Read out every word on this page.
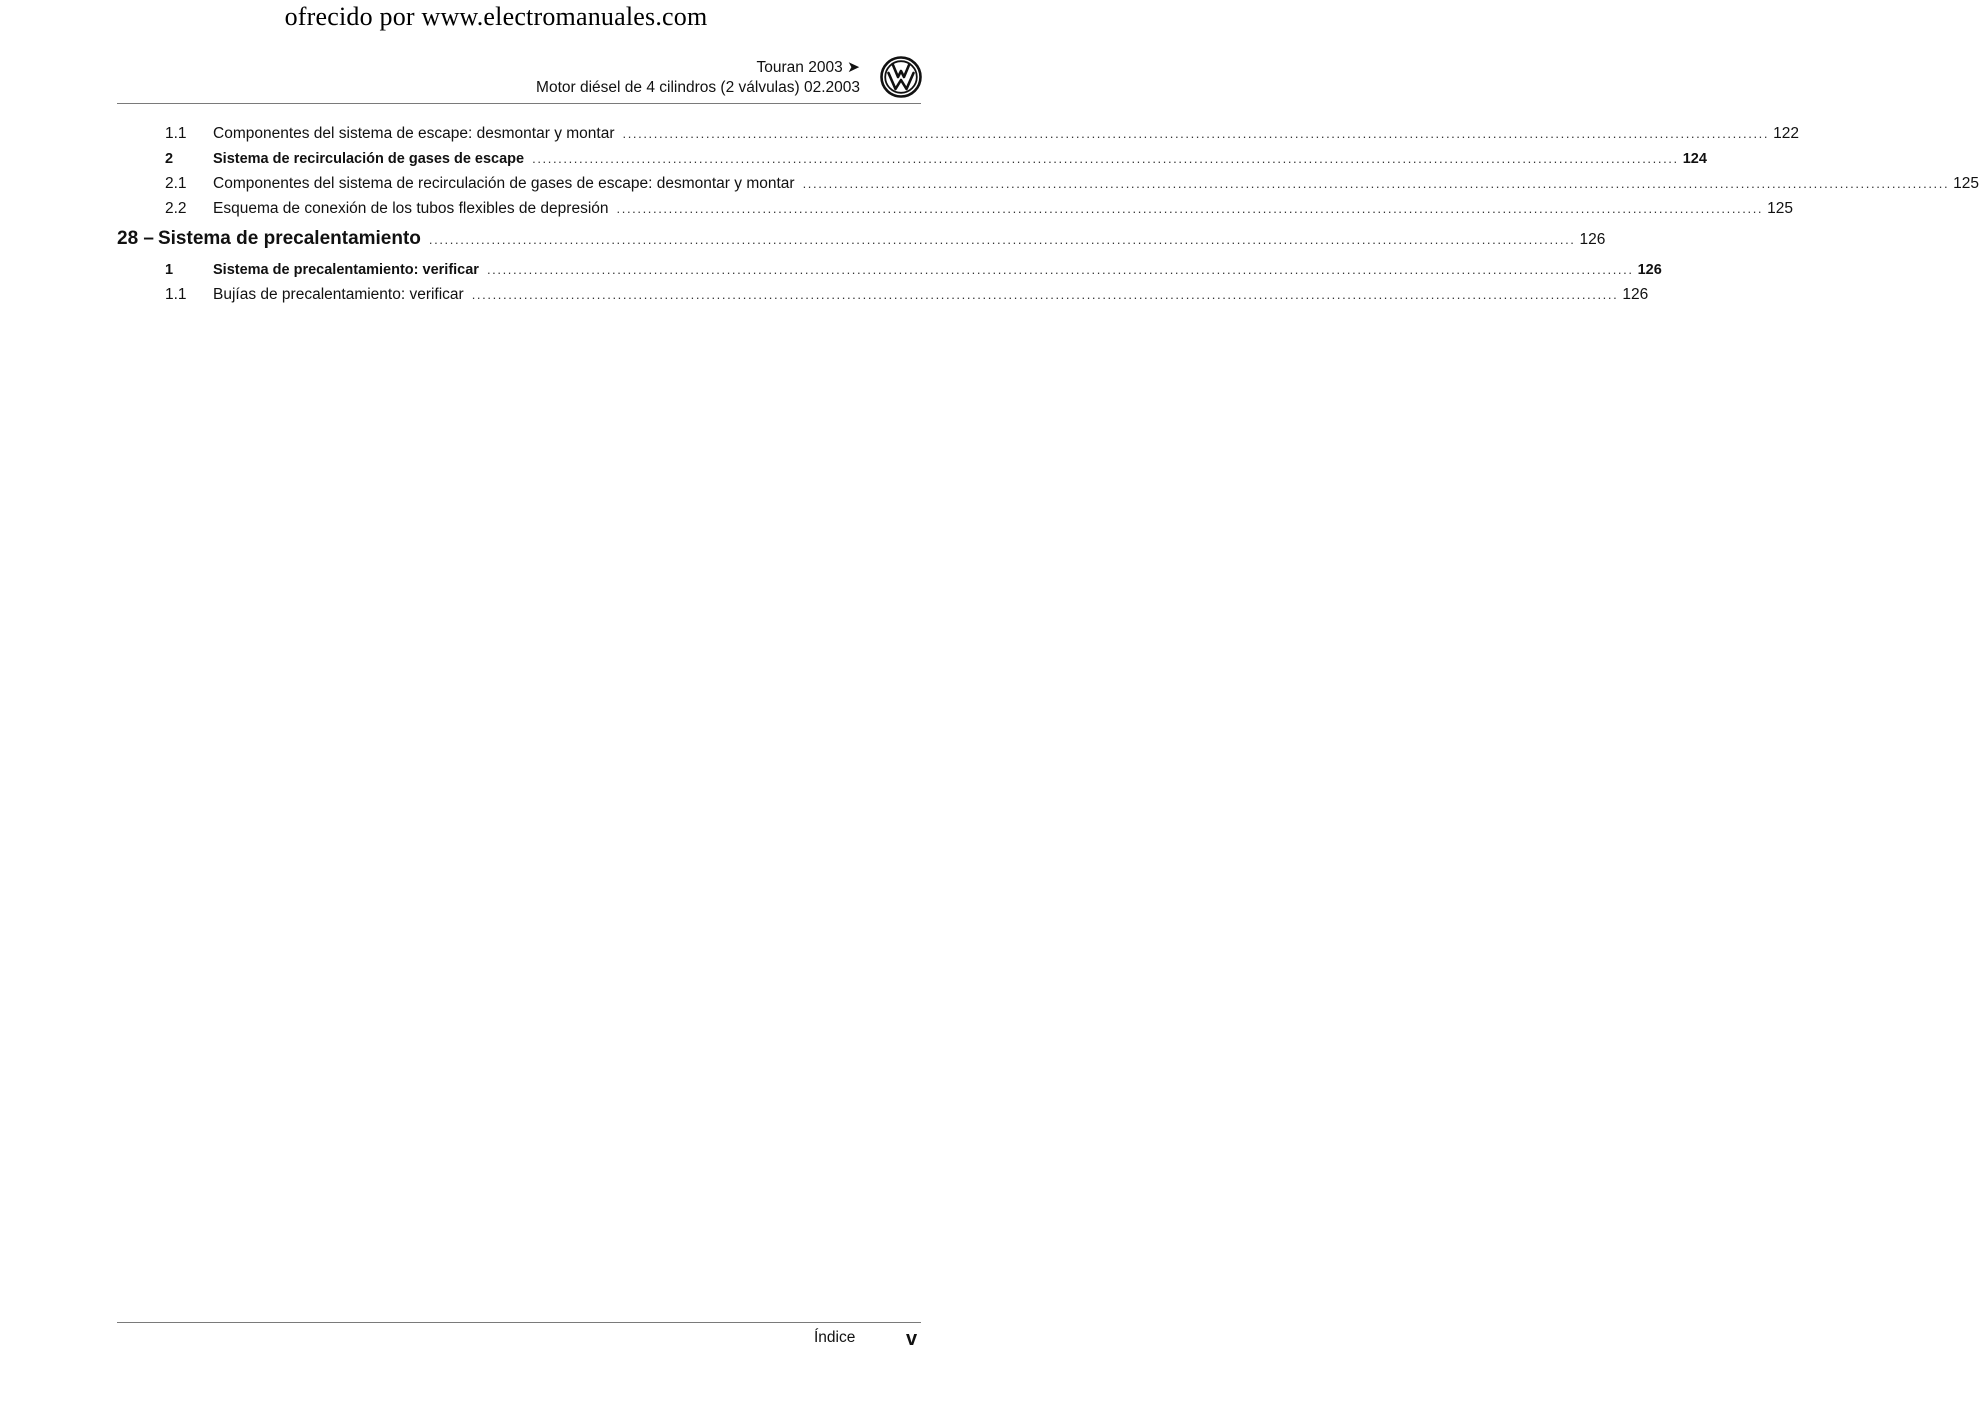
ofrecido por www.electromanuales.com
Touran 2003 ➤
Motor diésel de 4 cilindros (2 válvulas) 02.2003
1.1	Componentes del sistema de escape: desmontar y montar ............................................................................................................................................................................................................................ 122
2	Sistema de recirculación de gases de escape ............................................................................................................................................................................................................................ 124
2.1	Componentes del sistema de recirculación de gases de escape: desmontar y montar ............................................................................................................................................................................................................................ 125
2.2	Esquema de conexión de los tubos flexibles de depresión ............................................................................................................................................................................................................................ 125
28 – Sistema de precalentamiento ............................................................................................................................................................................................................................ 126
1	Sistema de precalentamiento: verificar ............................................................................................................................................................................................................................ 126
1.1	Bujías de precalentamiento: verificar ............................................................................................................................................................................................................................ 126
Índice	v
